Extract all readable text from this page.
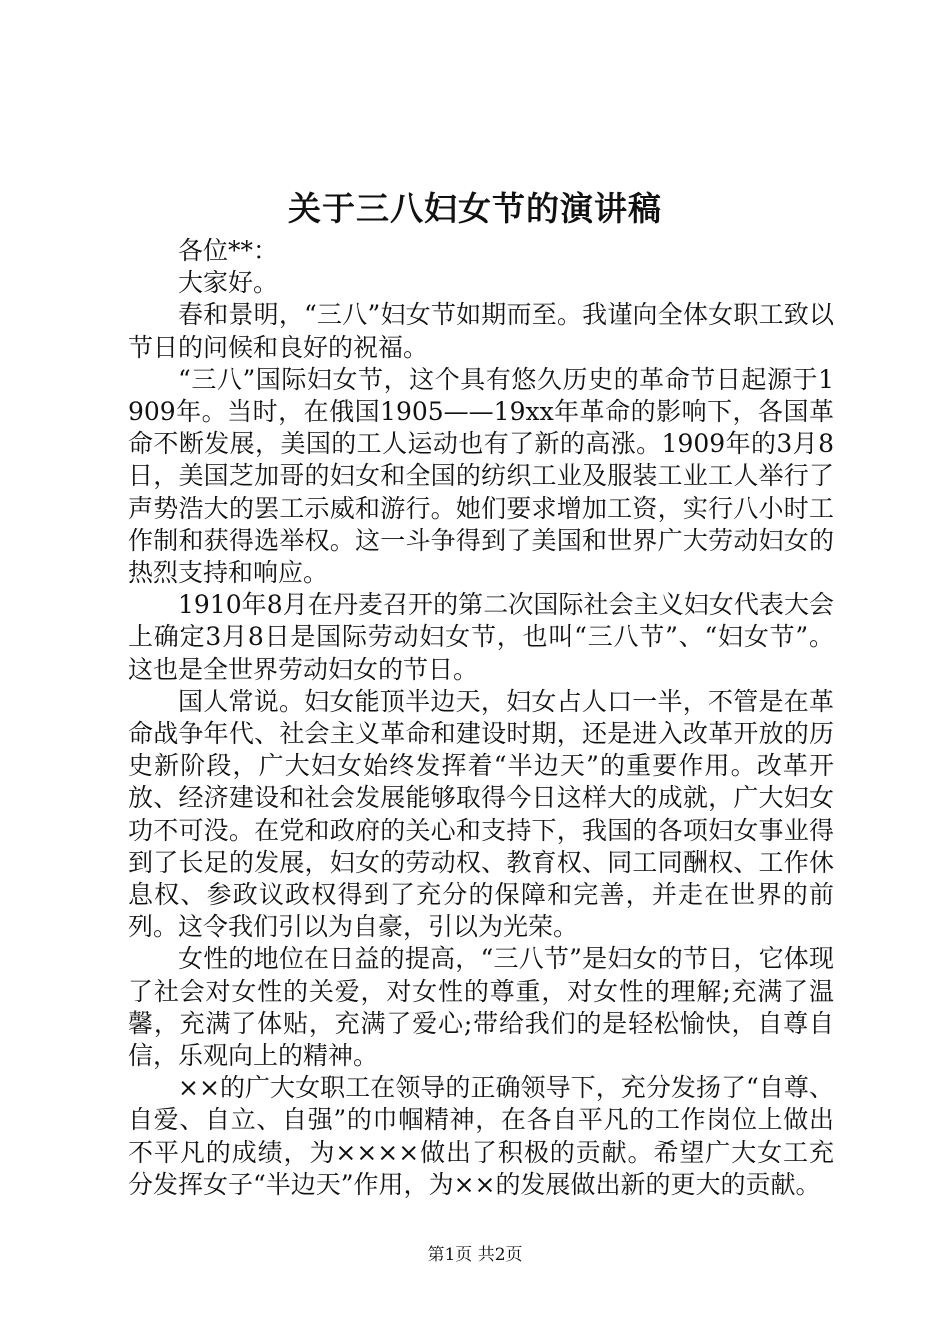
关于三八妇女节的演讲稿

各位**：

大家好。

春和景明，“三八”妇女节如期而至。我谨向全体女职工致以节日的问候和良好的祝福。

“三八”国际妇女节，这个具有悠久历史的革命节日起源于1909年。当时，在俄国1905——19xx年革命的影响下，各国革命不断发展，美国的工人运动也有了新的高涨。1909年的3月8日，美国芝加哥的妇女和全国的纺织工业及服装工业工人举行了声势浩大的罢工示威和游行。她们要求增加工资，实行八小时工作制和获得选举权。这一斗争得到了美国和世界广大劳动妇女的热烈支持和响应。

1910年8月在丹麦召开的第二次国际社会主义妇女代表大会上确定3月8日是国际劳动妇女节，也叫“三八节”、“妇女节”。这也是全世界劳动妇女的节日。

国人常说。妇女能顶半边天，妇女占人口一半，不管是在革命战争年代、社会主义革命和建设时期，还是进入改革开放的历史新阶段，广大妇女始终发挥着“半边天”的重要作用。改革开放、经济建设和社会发展能够取得今日这样大的成就，广大妇女功不可没。在党和政府的关心和支持下，我国的各项妇女事业得到了长足的发展，妇女的劳动权、教育权、同工同酬权、工作休息权、参政议政权得到了充分的保障和完善，并走在世界的前列。这令我们引以为自豪，引以为光荣。

女性的地位在日益的提高，“三八节”是妇女的节日，它体现了社会对女性的关爱，对女性的尊重，对女性的理解;充满了温馨，充满了体贴，充满了爱心;带给我们的是轻松愉快，自尊自信，乐观向上的精神。

××的广大女职工在领导的正确领导下，充分发扬了“自尊、自爱、自立、自强”的巾帼精神，在各自平凡的工作岗位上做出不平凡的成绩，为××××做出了积极的贡献。希望广大女工充分发挥女子“半边天”作用，为××的发展做出新的更大的贡献。

第1页 共2页
